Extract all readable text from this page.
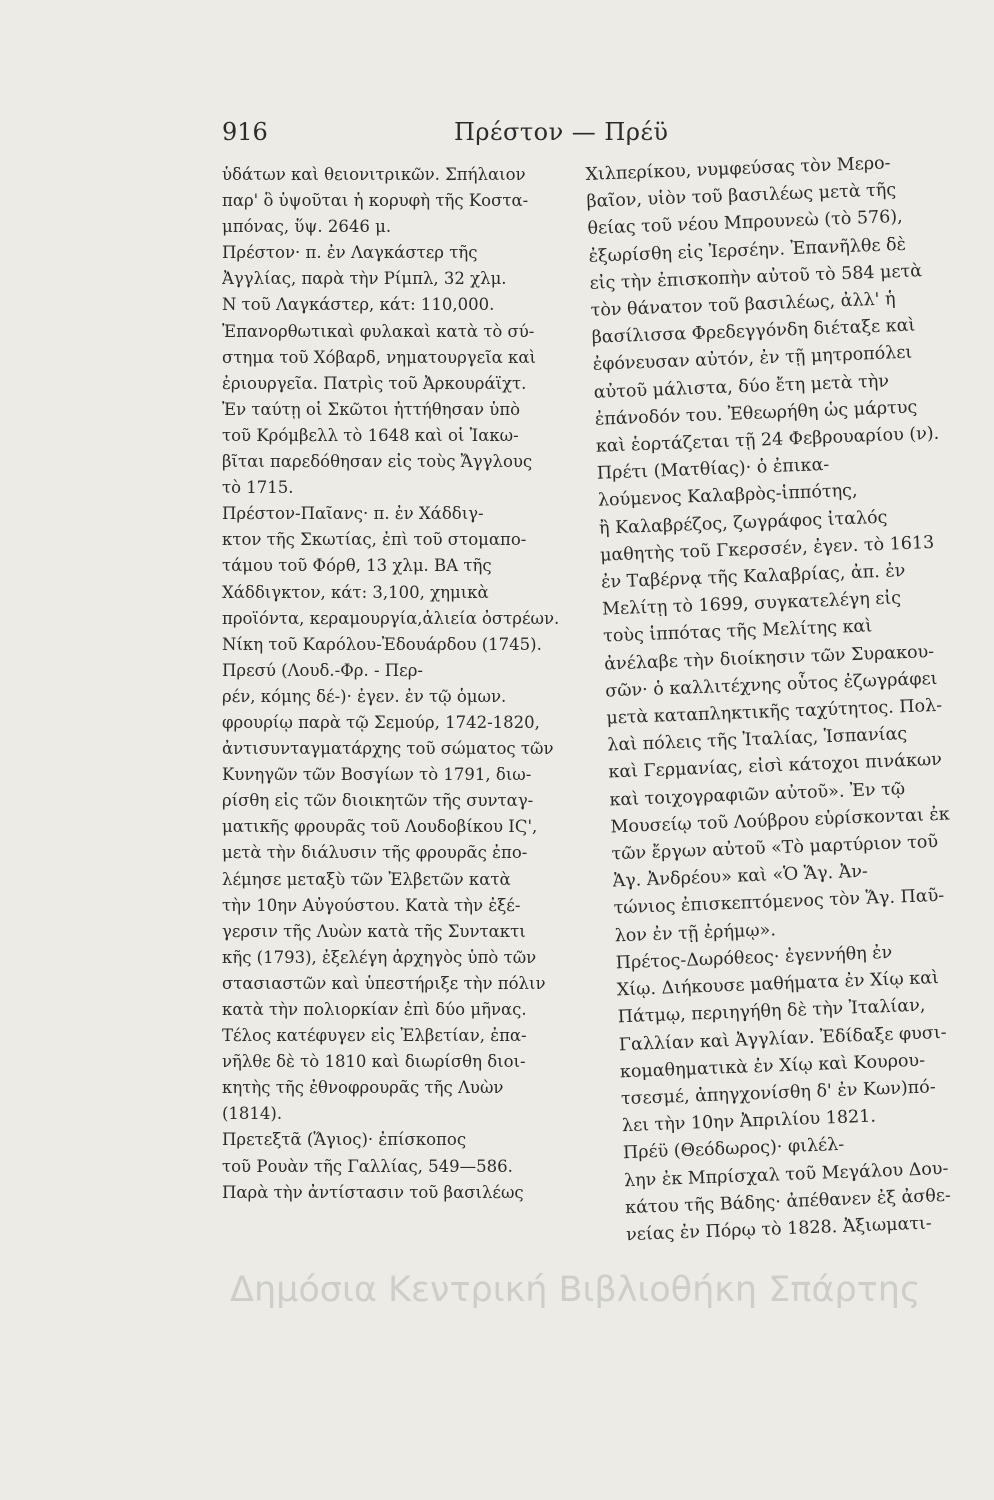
916	Πρέστον — Πρέϋ
ὑδάτων καὶ θειονιτρικῶν. Σπήλαιον
παρ' ὃ ὑψοῦται ἡ κορυφὴ τῆς Κοστα-
μπόνας, ὕψ. 2646 μ.
Πρέστον· π. ἐν Λαγκάστερ τῆς
Ἀγγλίας, παρὰ τὴν Ρίμπλ, 32 χλμ.
Ν τοῦ Λαγκάστερ, κάτ: 110,000.
Ἐπανορθωτικαὶ φυλακαὶ κατὰ τὸ σύ-
στημα τοῦ Χόβαρδ, νηματουργεῖα καὶ
ἐριουργεῖα. Πατρὶς τοῦ Ἀρκουράϊχτ.
Ἐν ταύτῃ οἱ Σκῶτοι ἡττήθησαν ὑπὸ
τοῦ Κρόμβελλ τὸ 1648 καὶ οἱ Ἰακω-
βῖται παρεδόθησαν εἰς τοὺς Ἄγγλους
τὸ 1715.
Πρέστον-Παῖανς· π. ἐν Χάδδιγ-
κτον τῆς Σκωτίας, ἐπὶ τοῦ στομαπο-
τάμου τοῦ Φόρθ, 13 χλμ. ΒΑ τῆς
Χάδδιγκτον, κάτ: 3,100, χημικὰ
προϊόντα, κεραμουργία,ἁλιεία ὀστρέων.
Νίκη τοῦ Καρόλου-Ἐδουάρδου (1745).
Πρεσύ (Λουδ.-Φρ. - Περ-
ρέν, κόμης δέ-)· ἐγεν. ἐν τῷ ὁμων.
φρουρίῳ παρὰ τῷ Σεμούρ, 1742-1820,
ἀντισυνταγματάρχης τοῦ σώματος τῶν
Κυνηγῶν τῶν Βοσγίων τὸ 1791, διω-
ρίσθη εἰς τῶν διοικητῶν τῆς συνταγ-
ματικῆς φρουρᾶς τοῦ Λουδοβίκου ΙϚ',
μετὰ τὴν διάλυσιν τῆς φρουρᾶς ἐπο-
λέμησε μεταξὺ τῶν Ἐλβετῶν κατὰ
τὴν 10ην Αὐγούστου. Κατὰ τὴν ἐξέ-
γερσιν τῆς Λυὼν κατὰ τῆς Συντακτι
κῆς (1793), ἐξελέγη ἀρχηγὸς ὑπὸ τῶν
στασιαστῶν καὶ ὑπεστήριξε τὴν πόλιν
κατὰ τὴν πολιορκίαν ἐπὶ δύο μῆνας.
Τέλος κατέφυγεν εἰς Ἐλβετίαν, ἐπα-
νῆλθε δὲ τὸ 1810 καὶ διωρίσθη διοι-
κητὴς τῆς ἐθνοφρουρᾶς τῆς Λυὼν
(1814).
Πρετεξτᾶ (Ἅγιος)· ἐπίσκοπος
τοῦ Ρουὰν τῆς Γαλλίας, 549—586.
Παρὰ τὴν ἀντίστασιν τοῦ βασιλέως
Χιλπερίκου, νυμφεύσας τὸν Μερο-
βαῖον, υἱὸν τοῦ βασιλέως μετὰ τῆς
θείας τοῦ νέου Μπρουνεὼ (τὸ 576),
ἐξωρίσθη εἰς Ἰερσέην. Ἐπανῆλθε δὲ
εἰς τὴν ἐπισκοπὴν αὐτοῦ τὸ 584 μετὰ
τὸν θάνατον τοῦ βασιλέως, ἀλλ' ἡ
βασίλισσα Φρεδεγγόνδη διέταξε καὶ
ἐφόνευσαν αὐτόν, ἐν τῇ μητροπόλει
αὐτοῦ μάλιστα, δύο ἔτη μετὰ τὴν
ἐπάνοδόν του. Ἐθεωρήθη ὡς μάρτυς
καὶ ἑορτάζεται τῇ 24 Φεβρουαρίου (ν).
Πρέτι (Ματθίας)· ὁ ἐπικα-
λούμενος Καλαβρὸς-ἱππότης,
ἢ Καλαβρέζος, ζωγράφος ἰταλός
μαθητὴς τοῦ Γκερσσέν, ἐγεν. τὸ 1613
ἐν Ταβέρνᾳ τῆς Καλαβρίας, ἀπ. ἐν
Μελίτῃ τὸ 1699, συγκατελέγη εἰς
τοὺς ἱππότας τῆς Μελίτης καὶ
ἀνέλαβε τὴν διοίκησιν τῶν Συρακου-
σῶν· ὁ καλλιτέχνης οὗτος ἐζωγράφει
μετὰ καταπληκτικῆς ταχύτητος. Πολ-
λαὶ πόλεις τῆς Ἰταλίας, Ἱσπανίας
καὶ Γερμανίας, εἰσὶ κάτοχοι πινάκων
καὶ τοιχογραφιῶν αὐτοῦ». Ἐν τῷ
Μουσείῳ τοῦ Λούβρου εὑρίσκονται ἐκ
τῶν ἔργων αὐτοῦ «Τὸ μαρτύριον τοῦ
Ἁγ. Ἀνδρέου» καὶ «Ὁ Ἅγ. Ἀν-
τώνιος ἐπισκεπτόμενος τὸν Ἅγ. Παῦ-
λον ἐν τῇ ἐρήμῳ».
Πρέτος-Δωρόθεος· ἐγεννήθη ἐν
Χίῳ. Διήκουσε μαθήματα ἐν Χίῳ καὶ
Πάτμῳ, περιηγήθη δὲ τὴν Ἰταλίαν,
Γαλλίαν καὶ Ἀγγλίαν. Ἐδίδαξε φυσι-
κομαθηματικὰ ἐν Χίῳ καὶ Κουρου-
τσεσμέ, ἀπηγχονίσθη δ' ἐν Κων)πό-
λει τὴν 10ην Ἀπριλίου 1821.
Πρέϋ (Θεόδωρος)· φιλέλ-
λην ἐκ Μπρίσχαλ τοῦ Μεγάλου Δου-
κάτου τῆς Βάδης· ἀπέθανεν ἐξ ἀσθε-
νείας ἐν Πόρῳ τὸ 1828. Ἀξιωματι-
Δημόσια Κεντρική Βιβλιοθήκη Σπάρτης
